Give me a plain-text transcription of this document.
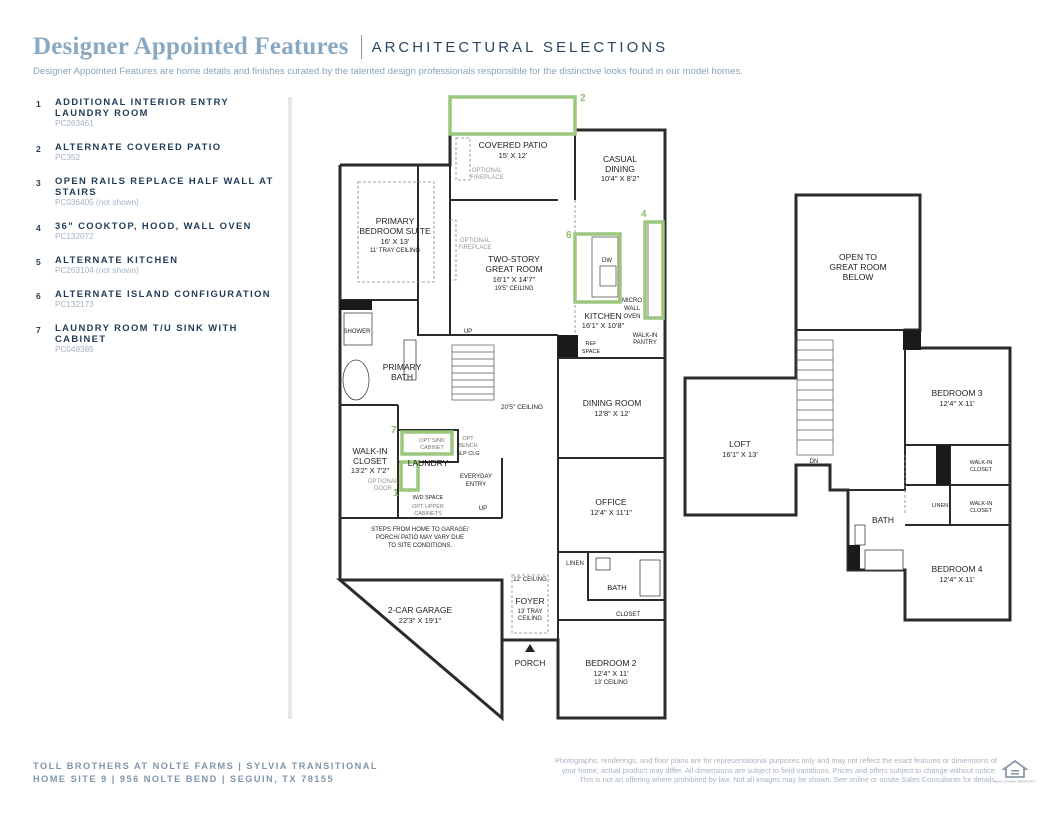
Designer Appointed Features ARCHITECTURAL SELECTIONS
Designer Appointed Features are home details and finishes curated by the talented design professionals responsible for the distinctive looks found in our model homes.
1 ADDITIONAL INTERIOR ENTRY LAUNDRY ROOM
PC263461
2 ALTERNATE COVERED PATIO
PC352
3 OPEN RAILS REPLACE HALF WALL AT STAIRS
PC036405 (not shown)
4 36" COOKTOP, HOOD, WALL OVEN
PC132072
5 ALTERNATE KITCHEN
PC263104 (not shown)
6 ALTERNATE ISLAND CONFIGURATION
PC132173
7 LAUNDRY ROOM T/U SINK WITH CABINET
PC048385
2
4
6
7
1
COVERED PATIO
15' X 12'
OPTIONAL
FIREPLACE
CASUAL
DINING
10'4" X 8'2"
PRIMARY
BEDROOM SUITE
16' X 13'
11' TRAY CEILING
OPTIONAL
FIREPLACE
TWO-STORY
GREAT ROOM
16'1" X 14'7"
19'5" CEILING
DW
MICRO
WALL
OVEN
KITCHEN
16'1" X 10'8"
WALK-IN
PANTRY
REF
SPACE
SHOWER
PRIMARY
BATH
UP
20'5" CEILING	DINING ROOM
12'8" X 12'
WALK-IN
CLOSET
13'2" X 7'2"
OPTIONAL
DOOR
OPT SINK
CABINET
LAUNDRY
OPT
BENCH
SLP CLG
W/D SPACE
OPT UPPER
CABINETS
EVERYDAY
ENTRY
UP
OFFICE
12'4" X 11'1"
STEPS FROM HOME TO GARAGE/
PORCH/ PATIO MAY VARY DUE
TO SITE CONDITIONS.
LINEN
BATH
12' CEILING
CLOSET
2-CAR GARAGE
22'3" X 19'1"
FOYER
13' TRAY
CEILING
PORCH	BEDROOM 2
12'4" X 11'
13' CEILING
OPEN TO
GREAT ROOM
BELOW
LOFT
16'1" X 13'
DN
BEDROOM 3
12'4" X 11'
WALK-IN
CLOSET
WALK-IN
CLOSET
LINEN
BATH
BEDROOM 4
12'4" X 11'
TOLL BROTHERS AT NOLTE FARMS | SYLVIA TRANSITIONAL
HOME SITE 9 | 956 NOLTE BEND | SEGUIN, TX 78155
Photographs, renderings, and floor plans are for representational purposes only and may not reflect the exact features or dimensions of
your home; actual product may differ. All dimensions are subject to field variations. Prices and offers subject to change without notice.
This is not an offering where prohibited by law. Not all images may be shown. See online or onsite Sales Consultants for details.
EQUAL HOUSING OPPORTUNITY
